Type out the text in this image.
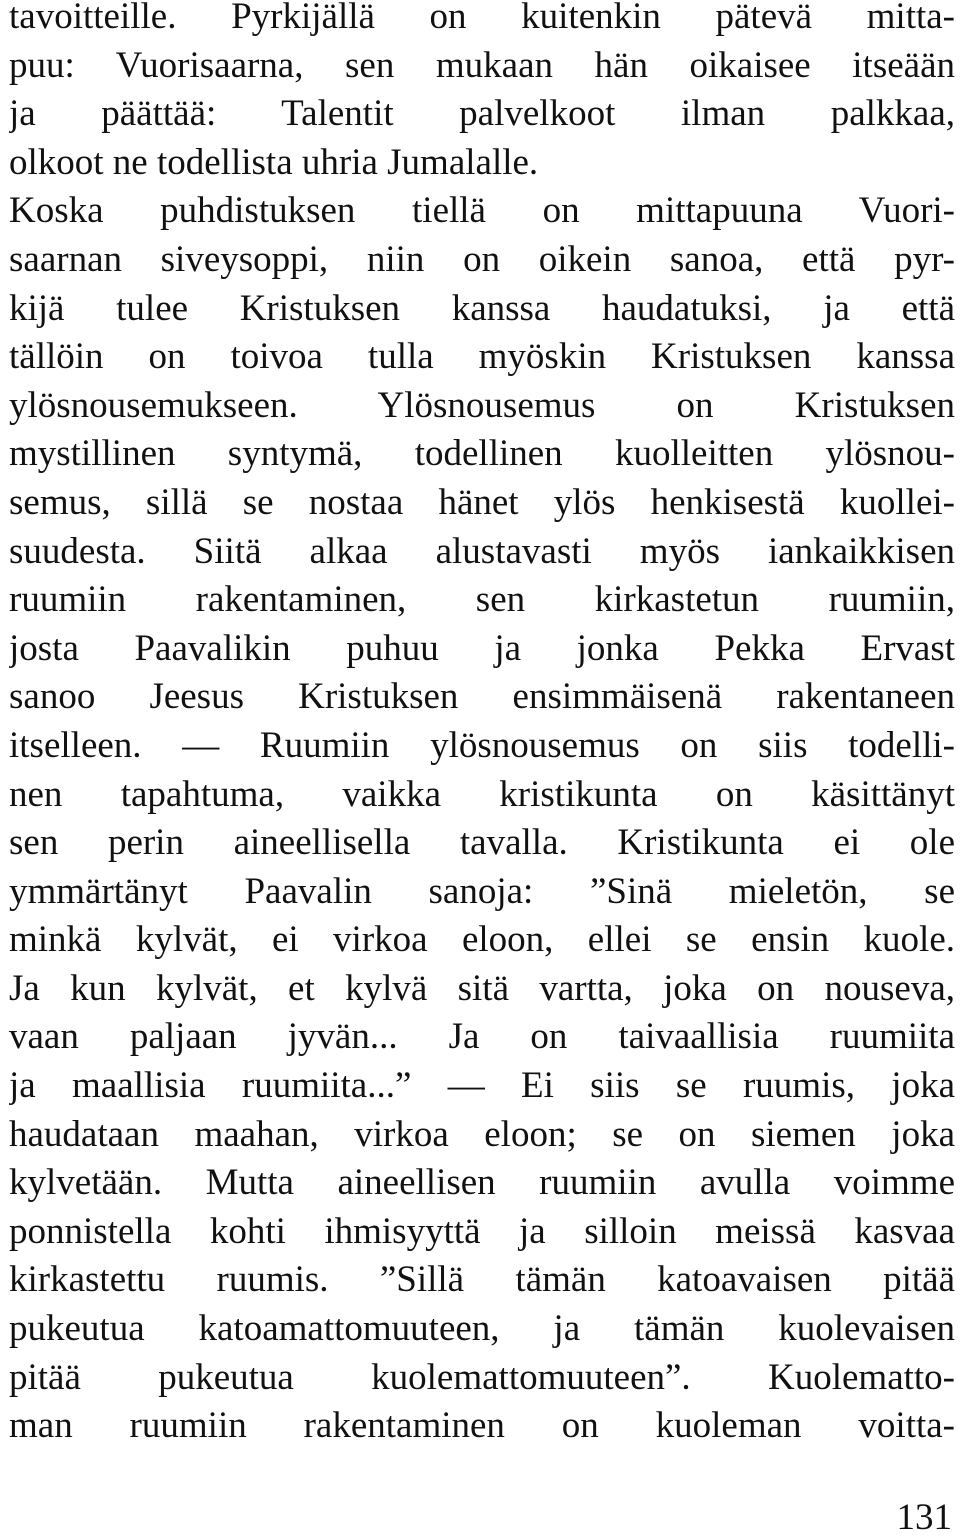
tavoitteille. Pyrkijällä on kuitenkin pätevä mitta-
puu: Vuorisaarna, sen mukaan hän oikaisee itseään
ja päättää: Talentit palvelkoot ilman palkkaa,
olkoot ne todellista uhria Jumalalle.
Koska puhdistuksen tiellä on mittapuuna Vuori-
saarnan siveysoppi, niin on oikein sanoa, että pyr-
kijä tulee Kristuksen kanssa haudatuksi, ja että
tällöin on toivoa tulla myöskin Kristuksen kanssa
ylösnousemukseen. Ylösnousemus on Kristuksen
mystillinen syntymä, todellinen kuolleitten ylösnou-
semus, sillä se nostaa hänet ylös henkisestä kuollei-
suudesta. Siitä alkaa alustavasti myös iankaikkisen
ruumiin rakentaminen, sen kirkastetun ruumiin,
josta Paavalikin puhuu ja jonka Pekka Ervast
sanoo Jeesus Kristuksen ensimmäisenä rakentaneen
itselleen. — Ruumiin ylösnousemus on siis todelli-
nen tapahtuma, vaikka kristikunta on käsittänyt
sen perin aineellisella tavalla. Kristikunta ei ole
ymmärtänyt Paavalin sanoja: ”Sinä mieletön, se
minkä kylvät, ei virkoa eloon, ellei se ensin kuole.
Ja kun kylvät, et kylvä sitä vartta, joka on nouseva,
vaan paljaan jyvän... Ja on taivaallisia ruumiita
ja maallisia ruumiita...” — Ei siis se ruumis, joka
haudataan maahan, virkoa eloon; se on siemen joka
kylvetään. Mutta aineellisen ruumiin avulla voimme
ponnistella kohti ihmisyyttä ja silloin meissä kasvaa
kirkastettu ruumis. ”Sillä tämän katoavaisen pitää
pukeutua katoamattomuuteen, ja tämän kuolevaisen
pitää pukeutua kuolemattomuuteen”. Kuolematto-
man ruumiin rakentaminen on kuoleman voitta-
131
